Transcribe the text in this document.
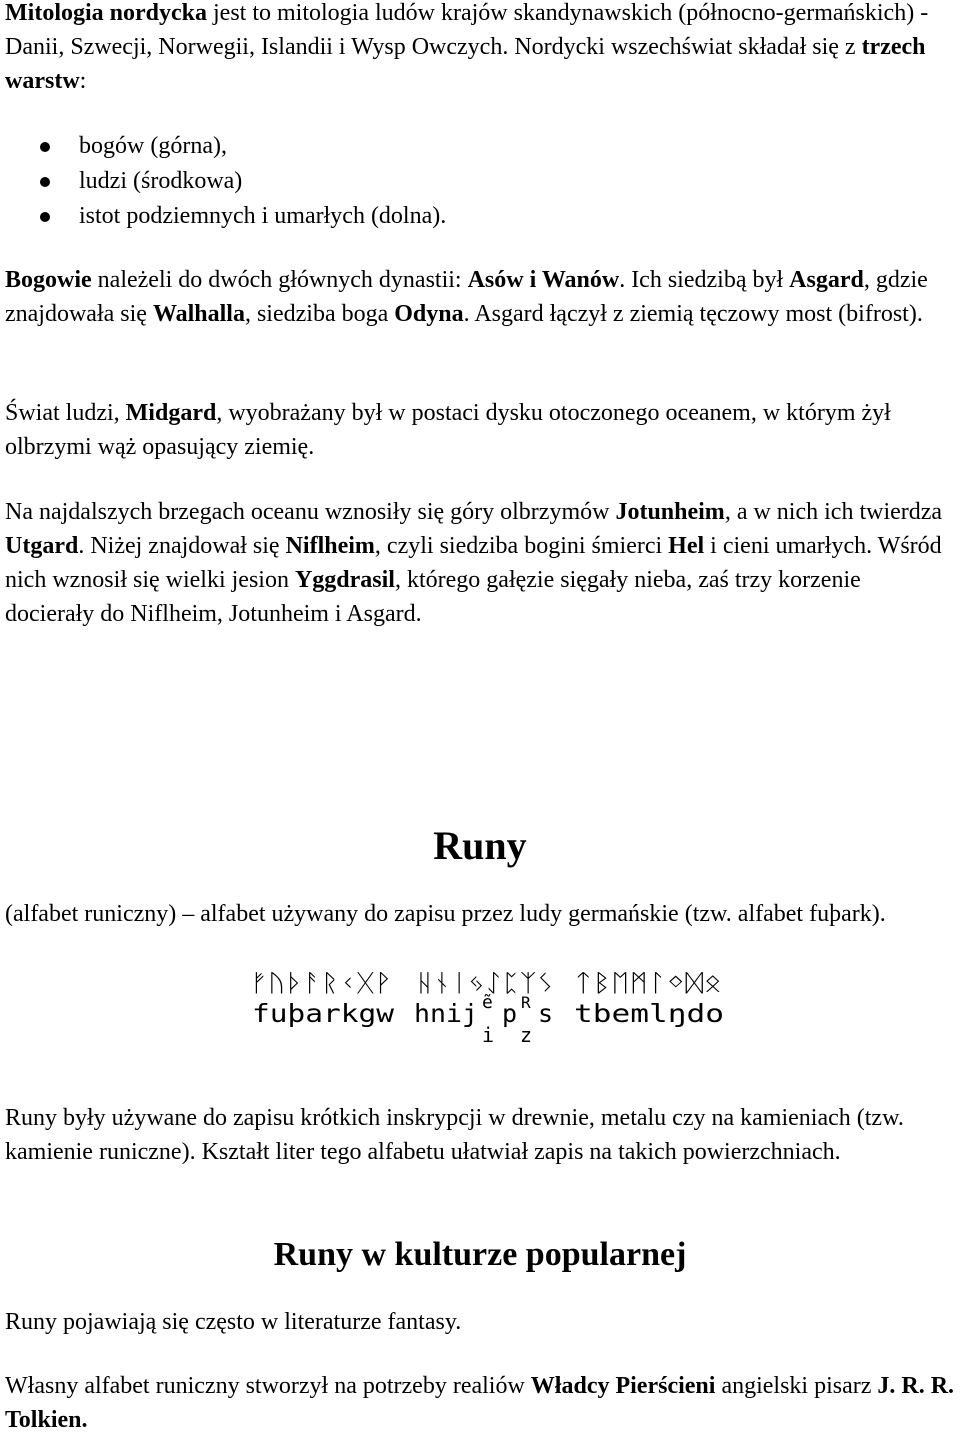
Mitologia nordycka jest to mitologia ludów krajów skandynawskich (północno-germańskich) - Danii, Szwecji, Norwegii, Islandii i Wysp Owczych. Nordycki wszechświat składał się z trzech warstw:

bogów (górna),
ludzi (środkowa)
istot podziemnych i umarłych (dolna).

Bogowie należeli do dwóch głównych dynastii: Asów i Wanów. Ich siedzibą był Asgard, gdzie znajdowała się Walhalla, siedziba boga Odyna. Asgard łączył z ziemią tęczowy most (bifrost).

Świat ludzi, Midgard, wyobrażany był w postaci dysku otoczonego oceanem, w którym żył olbrzymi wąż opasujący ziemię.

Na najdalszych brzegach oceanu wznosiły się góry olbrzymów Jotunheim, a w nich ich twierdza Utgard. Niżej znajdował się Niflheim, czyli siedziba bogini śmierci Hel i cieni umarłych. Wśród nich wznosił się wielki jesion Yggdrasil, którego gałęzie sięgały nieba, zaś trzy korzenie docierały do Niflheim, Jotunheim i Asgard.

Runy

(alfabet runiczny) – alfabet używany do zapisu przez ludy germańskie (tzw. alfabet fuþark).

ᚠᚢᚦᚨᚱᚲᚷᚹ ᚺᚾᛁᛃᛇᛈᛉᛊ ᛏᛒᛖᛗᛚᛜᛞᛟ
fuþarkgw hnij p s tbemlŋdo
ẽ
i
R
z

Runy były używane do zapisu krótkich inskrypcji w drewnie, metalu czy na kamieniach (tzw. kamienie runiczne). Kształt liter tego alfabetu ułatwiał zapis na takich powierzchniach.

Runy w kulturze popularnej

Runy pojawiają się często w literaturze fantasy.

Własny alfabet runiczny stworzył na potrzeby realiów Władcy Pierścieni angielski pisarz J. R. R. Tolkien.
